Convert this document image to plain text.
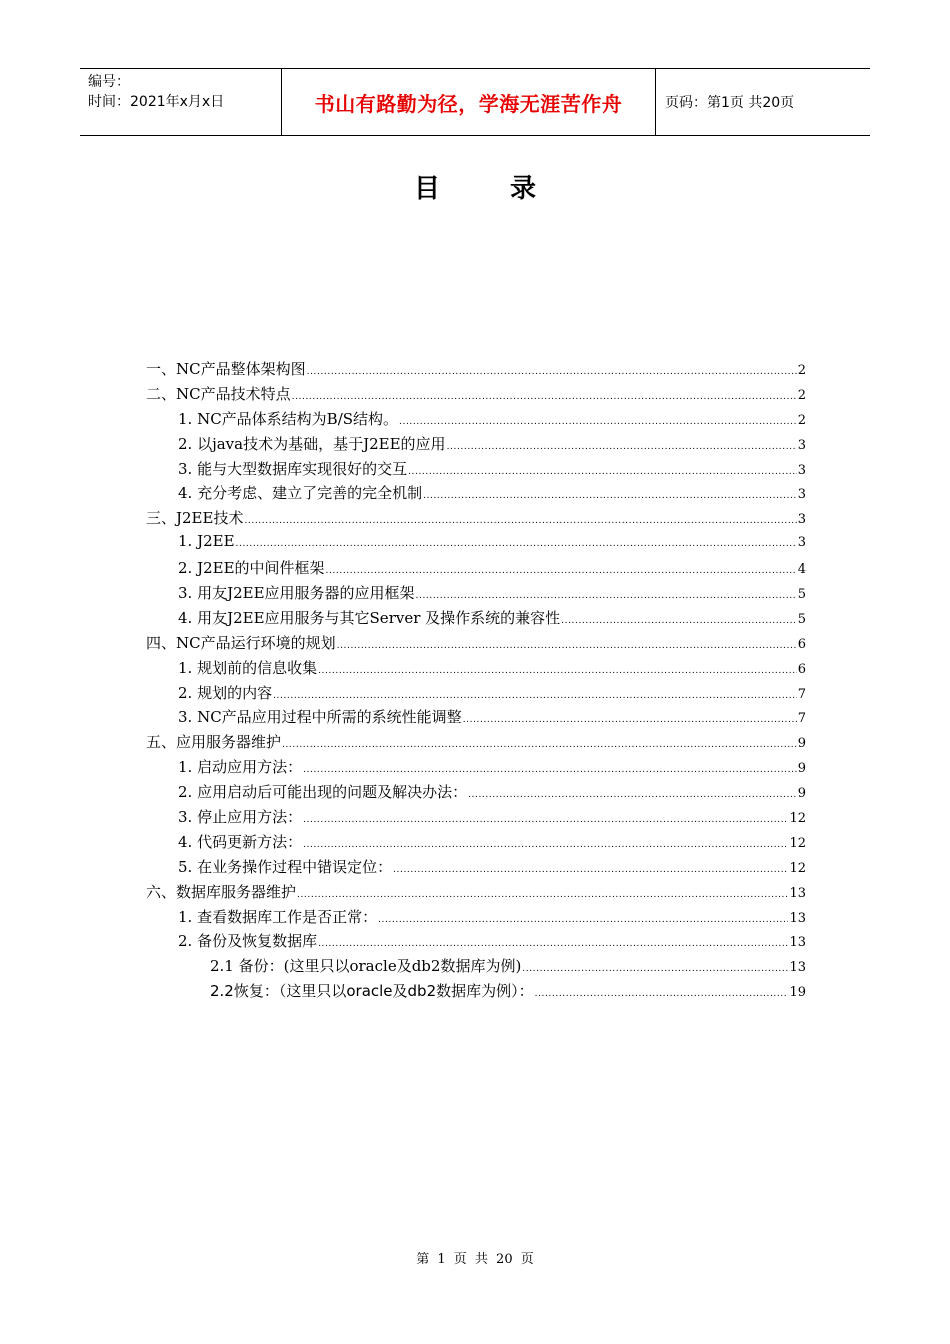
编号：
时间：2021年x月x日	书山有路勤为径，学海无涯苦作舟	页码：第1页 共20页
目录
一、NC产品整体架构图 .....	2
二、NC产品技术特点 .....	2
1. NC产品体系结构为B/S结构。 .....	2
2. 以java技术为基础，基于J2EE的应用 .....	3
3. 能与大型数据库实现很好的交互 .....	3
4. 充分考虑、建立了完善的完全机制 .....	3
三、J2EE技术 .....	3
1. J2EE .....	3
2. J2EE的中间件框架 .....	4
3. 用友J2EE应用服务器的应用框架 .....	5
4. 用友J2EE应用服务与其它Server 及操作系统的兼容性 .....	5
四、NC产品运行环境的规划 .....	6
1. 规划前的信息收集 .....	6
2. 规划的内容 .....	7
3. NC产品应用过程中所需的系统性能调整 .....	7
五、应用服务器维护 .....	9
1. 启动应用方法： .....	9
2. 应用启动后可能出现的问题及解决办法： .....	9
3. 停止应用方法： .....	12
4. 代码更新方法： .....	12
5. 在业务操作过程中错误定位： .....	12
六、数据库服务器维护 .....	13
1. 查看数据库工作是否正常： .....	13
2. 备份及恢复数据库 .....	13
2.1 备份：(这里只以oracle及db2数据库为例) .....	13
2.2恢复：（这里只以oracle及db2数据库为例）： .....	19
第 1 页 共 20 页
